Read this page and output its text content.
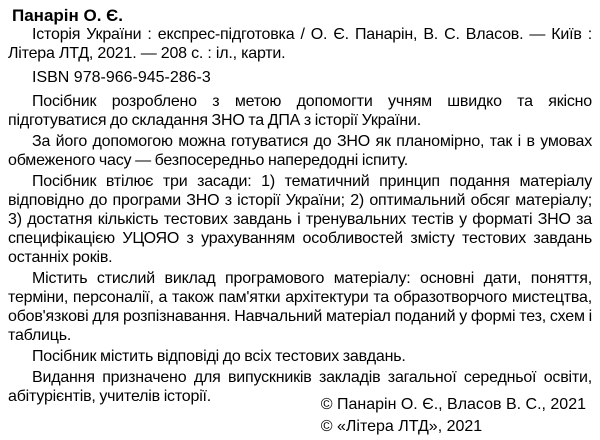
Панарін О. Є.

Історія України : експрес-підготовка / О. Є. Панарін, В. С. Власов. — Київ : Літера ЛТД, 2021. — 208 с. : іл., карти.

ISBN 978-966-945-286-3

Посібник розроблено з метою допомогти учням швидко та якісно підготуватися до складання ЗНО та ДПА з історії України.

За його допомогою можна готуватися до ЗНО як планомірно, так і в умовах обмеженого часу — безпосередньо напередодні іспиту.

Посібник втілює три засади: 1) тематичний принцип подання матеріалу відповідно до програми ЗНО з історії України; 2) оптимальний обсяг матеріалу; 3) достатня кількість тестових завдань і тренувальних тестів у форматі ЗНО за специфікацією УЦОЯО з урахуванням особливостей змісту тестових завдань останніх років.

Містить стислий виклад програмового матеріалу: основні дати, поняття, терміни, персоналії, а також пам'ятки архітектури та образотворчого мистецтва, обов'язкові для розпізнавання. Навчальний матеріал поданий у формі тез, схем і таблиць.

Посібник містить відповіді до всіх тестових завдань.

Видання призначено для випускників закладів загальної середньої освіти, абітурієнтів, учителів історії.	© Панарін О. Є., Власов В. С., 2021
© «Літера ЛТД», 2021
